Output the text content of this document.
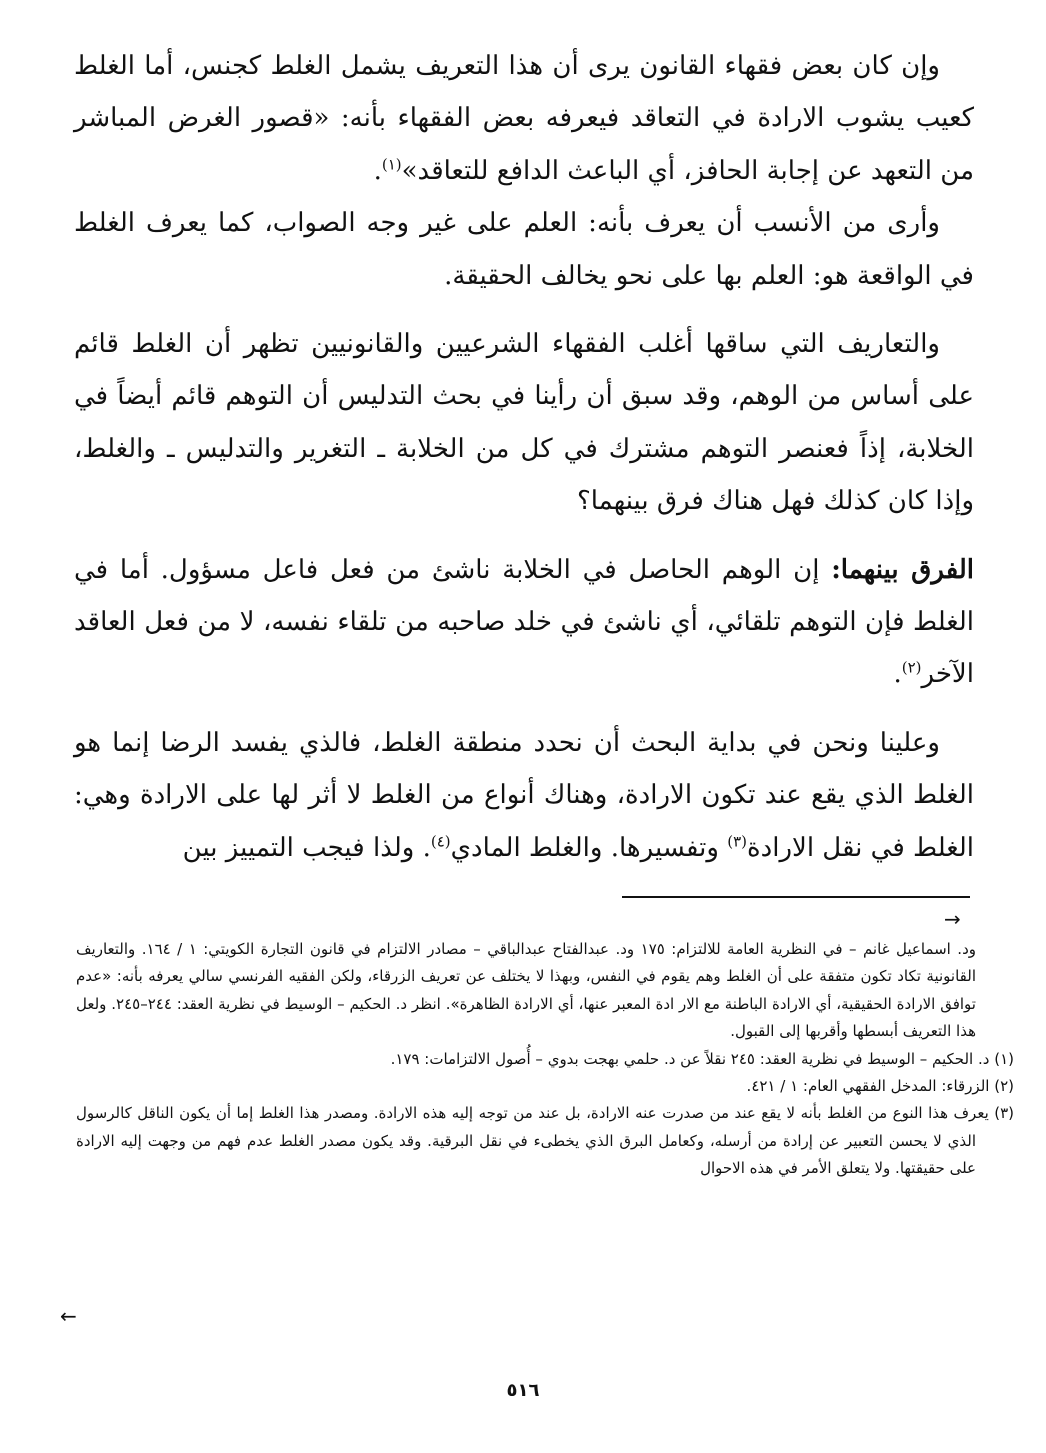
وإن كان بعض فقهاء القانون يرى أن هذا التعريف يشمل الغلط كجنس، أما الغلط كعيب يشوب الارادة في التعاقد فيعرفه بعض الفقهاء بأنه: «قصور الغرض المباشر من التعهد عن إجابة الحافز، أي الباعث الدافع للتعاقد»$^{(١)}$.

وأرى من الأنسب أن يعرف بأنه: العلم على غير وجه الصواب، كما يعرف الغلط في الواقعة هو: العلم بها على نحو يخالف الحقيقة.

والتعاريف التي ساقها أغلب الفقهاء الشرعيين والقانونيين تظهر أن الغلط قائم على أساس من الوهم، وقد سبق أن رأينا في بحث التدليس أن التوهم قائم أيضاً في الخلابة، إذاً فعنصر التوهم مشترك في كل من الخلابة ـ التغرير والتدليس ـ والغلط، وإذا كان كذلك فهل هناك فرق بينهما؟

الفرق بينهما: إن الوهم الحاصل في الخلابة ناشئ من فعل فاعل مسؤول. أما في الغلط فإن التوهم تلقائي، أي ناشئ في خلد صاحبه من تلقاء نفسه، لا من فعل العاقد الآخر$^{(٢)}$.

وعلينا ونحن في بداية البحث أن نحدد منطقة الغلط، فالذي يفسد الرضا إنما هو الغلط الذي يقع عند تكون الارادة، وهناك أنواع من الغلط لا أثر لها على الارادة وهي: الغلط في نقل الارادة$^{(٣)}$ وتفسيرها. والغلط المادي$^{(٤)}$. ولذا فيجب التمييز بين

→

ود. اسماعيل غانم – في النظرية العامة للالتزام: ١٧٥ ود. عبدالفتاح عبدالباقي – مصادر الالتزام في قانون التجارة الكويتي: ١ / ١٦٤. والتعاريف القانونية تكاد تكون متفقة على أن الغلط وهم يقوم في النفس، وبهذا لا يختلف عن تعريف الزرقاء، ولكن الفقيه الفرنسي سالي يعرفه بأنه: «عدم توافق الارادة الحقيقية، أي الارادة الباطنة مع الار ادة المعبر عنها، أي الارادة الظاهرة». انظر د. الحكيم – الوسيط في نظرية العقد: ٢٤٤–٢٤٥. ولعل هذا التعريف أبسطها وأقربها إلى القبول.

(١) د. الحكيم – الوسيط في نظرية العقد: ٢٤٥ نقلاً عن د. حلمي بهجت بدوي – أُصول الالتزامات: ١٧٩.

(٢) الزرقاء: المدخل الفقهي العام: ١ / ٤٢١.

(٣) يعرف هذا النوع من الغلط بأنه لا يقع عند من صدرت عنه الارادة، بل عند من توجه إليه هذه الارادة. ومصدر هذا الغلط إما أن يكون الناقل كالرسول الذي لا يحسن التعبير عن إرادة من أرسله، وكعامل البرق الذي يخطىء في نقل البرقية. وقد يكون مصدر الغلط عدم فهم من وجهت إليه الارادة على حقيقتها. ولا يتعلق الأمر في هذه الاحوال

←
٥١٦
